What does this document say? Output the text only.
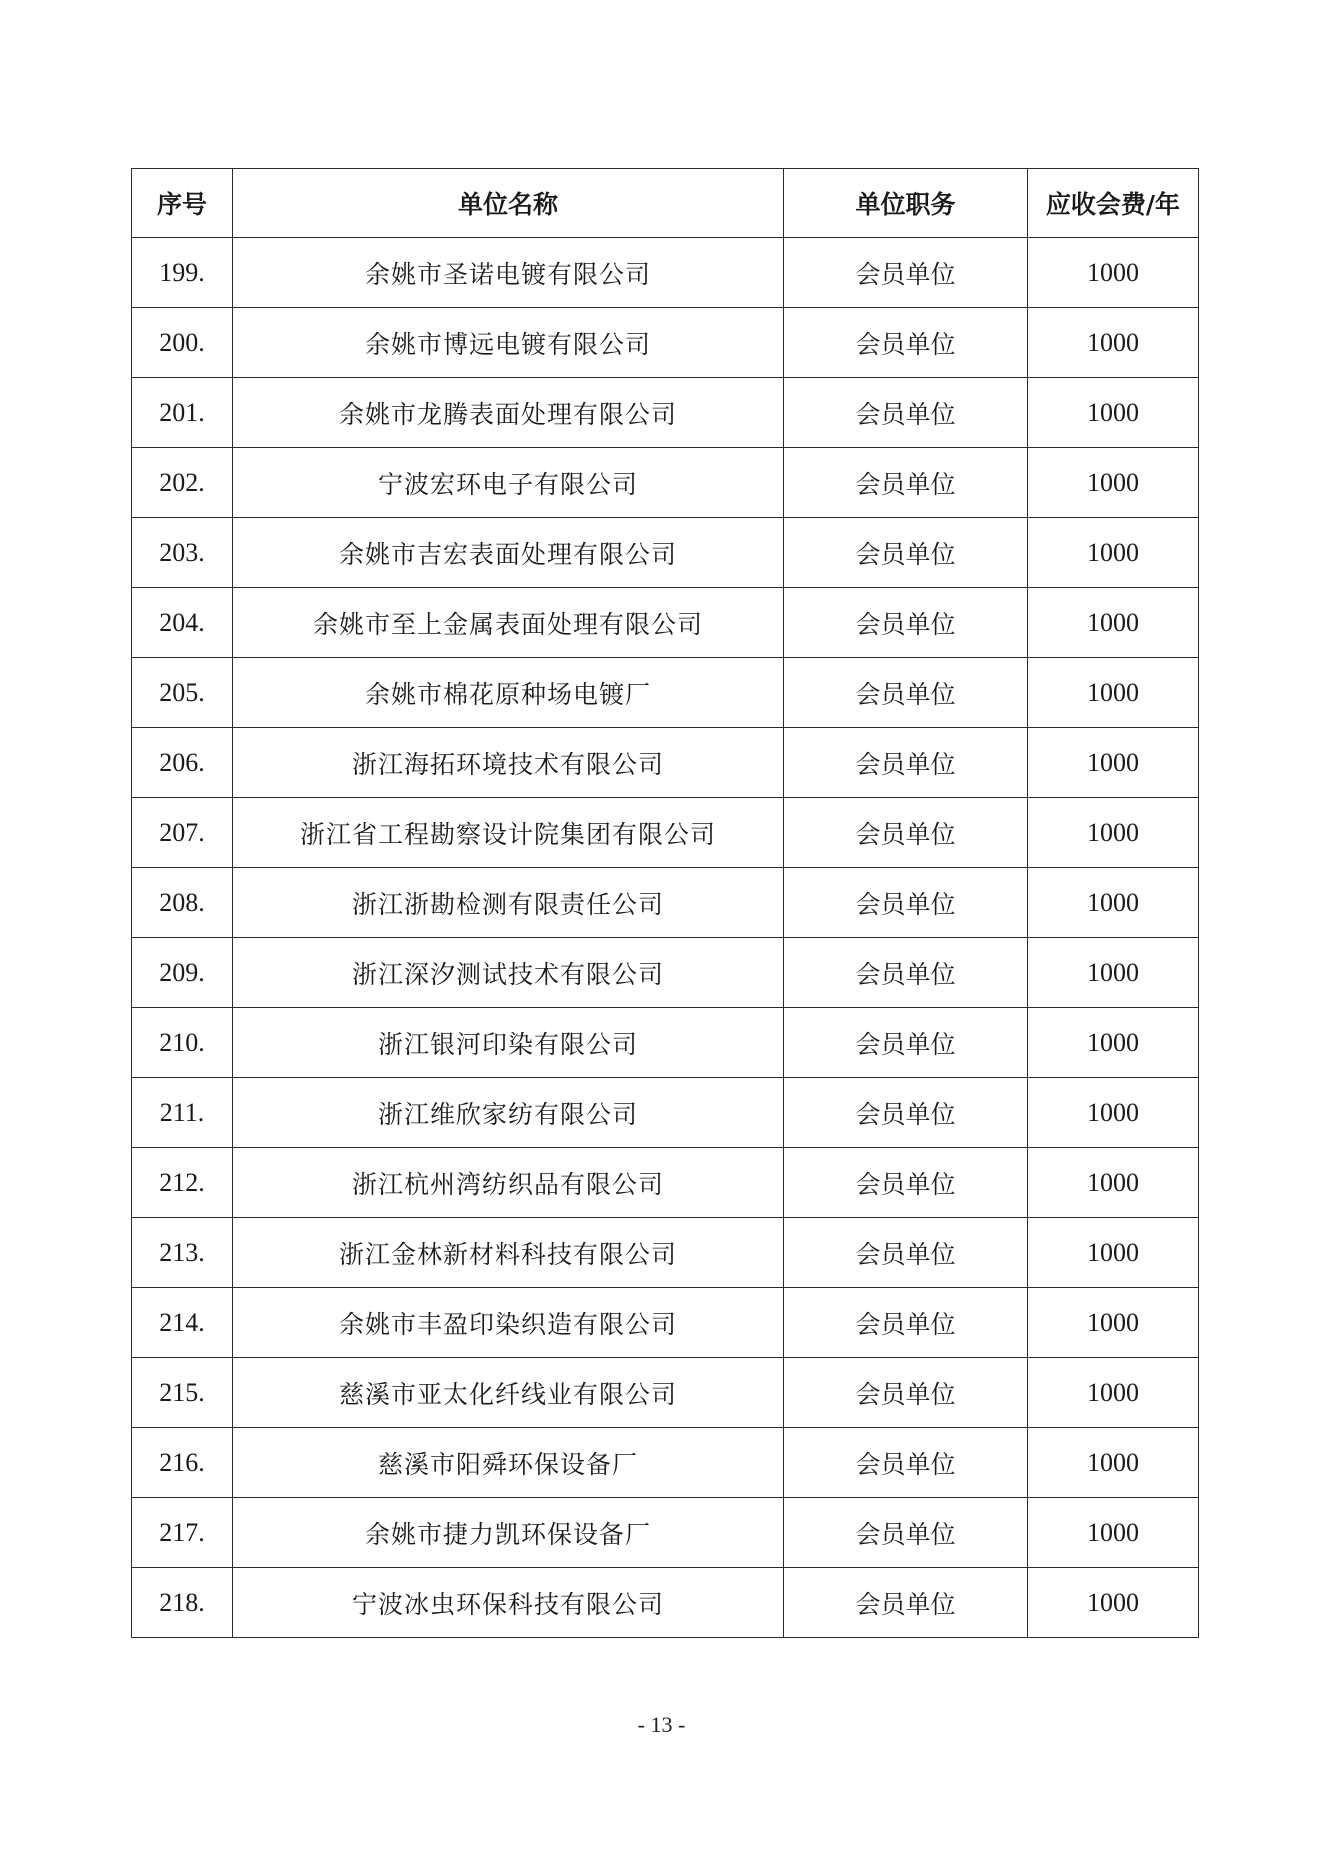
序号	单位名称	单位职务	应收会费/年
199.	余姚市圣诺电镀有限公司	会员单位	1000
200.	余姚市博远电镀有限公司	会员单位	1000
201.	余姚市龙腾表面处理有限公司	会员单位	1000
202.	宁波宏环电子有限公司	会员单位	1000
203.	余姚市吉宏表面处理有限公司	会员单位	1000
204.	余姚市至上金属表面处理有限公司	会员单位	1000
205.	余姚市棉花原种场电镀厂	会员单位	1000
206.	浙江海拓环境技术有限公司	会员单位	1000
207.	浙江省工程勘察设计院集团有限公司	会员单位	1000
208.	浙江浙勘检测有限责任公司	会员单位	1000
209.	浙江深汐测试技术有限公司	会员单位	1000
210.	浙江银河印染有限公司	会员单位	1000
211.	浙江维欣家纺有限公司	会员单位	1000
212.	浙江杭州湾纺织品有限公司	会员单位	1000
213.	浙江金林新材料科技有限公司	会员单位	1000
214.	余姚市丰盈印染织造有限公司	会员单位	1000
215.	慈溪市亚太化纤线业有限公司	会员单位	1000
216.	慈溪市阳舜环保设备厂	会员单位	1000
217.	余姚市捷力凯环保设备厂	会员单位	1000
218.	宁波冰虫环保科技有限公司	会员单位	1000
- 13 -
